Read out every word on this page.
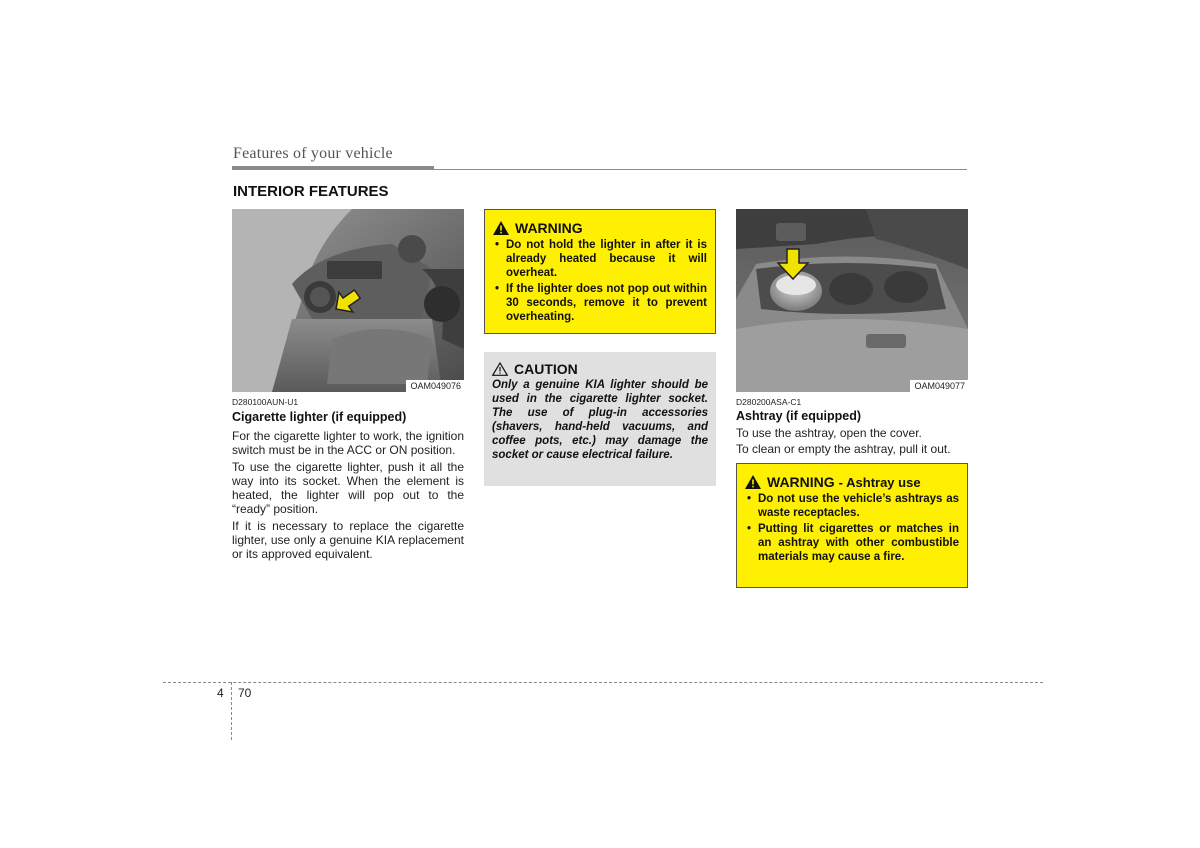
Features of your vehicle
INTERIOR FEATURES
OAM049076
D280100AUN-U1
Cigarette lighter (if equipped)
For the cigarette lighter to work, the ignition switch must be in the ACC or ON position.
To use the cigarette lighter, push it all the way into its socket. When the element is heated, the lighter will pop out to the “ready” position.
If it is necessary to replace the cigarette lighter, use only a genuine KIA replacement or its approved equivalent.
WARNING
• Do not hold the lighter in after it is already heated because it will overheat.
• If the lighter does not pop out within 30 seconds, remove it to prevent overheating.
CAUTION
Only a genuine KIA lighter should be used in the cigarette lighter socket. The use of plug-in accessories (shavers, hand-held vacuums, and coffee pots, etc.) may damage the socket or cause electrical failure.
OAM049077
D280200ASA-C1
Ashtray (if equipped)
To use the ashtray, open the cover.
To clean or empty the ashtray, pull it out.
WARNING - Ashtray use
• Do not use the vehicle’s ashtrays as waste receptacles.
• Putting lit cigarettes or matches in an ashtray with other combustible materials may cause a fire.
4 70
